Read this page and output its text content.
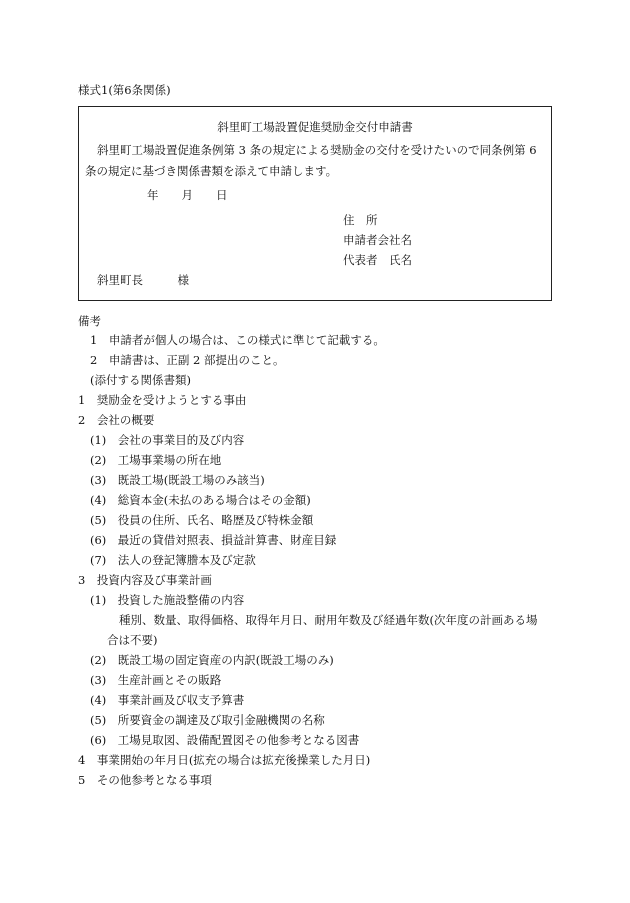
様式1(第6条関係)
斜里町工場設置促進奨励金交付申請書
斜里町工場設置促進条例第 3 条の規定による奨励金の交付を受けたいので同条例第 6
条の規定に基づき関係書類を添えて申請します。
年　　月　　日
住　所
申請者会社名
代表者　氏名
斜里町長　　　様
備考
1　申請者が個人の場合は、この様式に準じて記載する。
2　申請書は、正副 2 部提出のこと。
(添付する関係書類)
1　奨励金を受けようとする事由
2　会社の概要
(1)　会社の事業目的及び内容
(2)　工場事業場の所在地
(3)　既設工場(既設工場のみ該当)
(4)　総資本金(未払のある場合はその金額)
(5)　役員の住所、氏名、略歴及び特株金額
(6)　最近の貸借対照表、損益計算書、財産目録
(7)　法人の登記簿謄本及び定款
3　投資内容及び事業計画
(1)　投資した施設整備の内容
種別、数量、取得価格、取得年月日、耐用年数及び経過年数(次年度の計画ある場
合は不要)
(2)　既設工場の固定資産の内訳(既設工場のみ)
(3)　生産計画とその販路
(4)　事業計画及び収支予算書
(5)　所要資金の調達及び取引金融機関の名称
(6)　工場見取図、設備配置図その他参考となる図書
4　事業開始の年月日(拡充の場合は拡充後操業した月日)
5　その他参考となる事項
